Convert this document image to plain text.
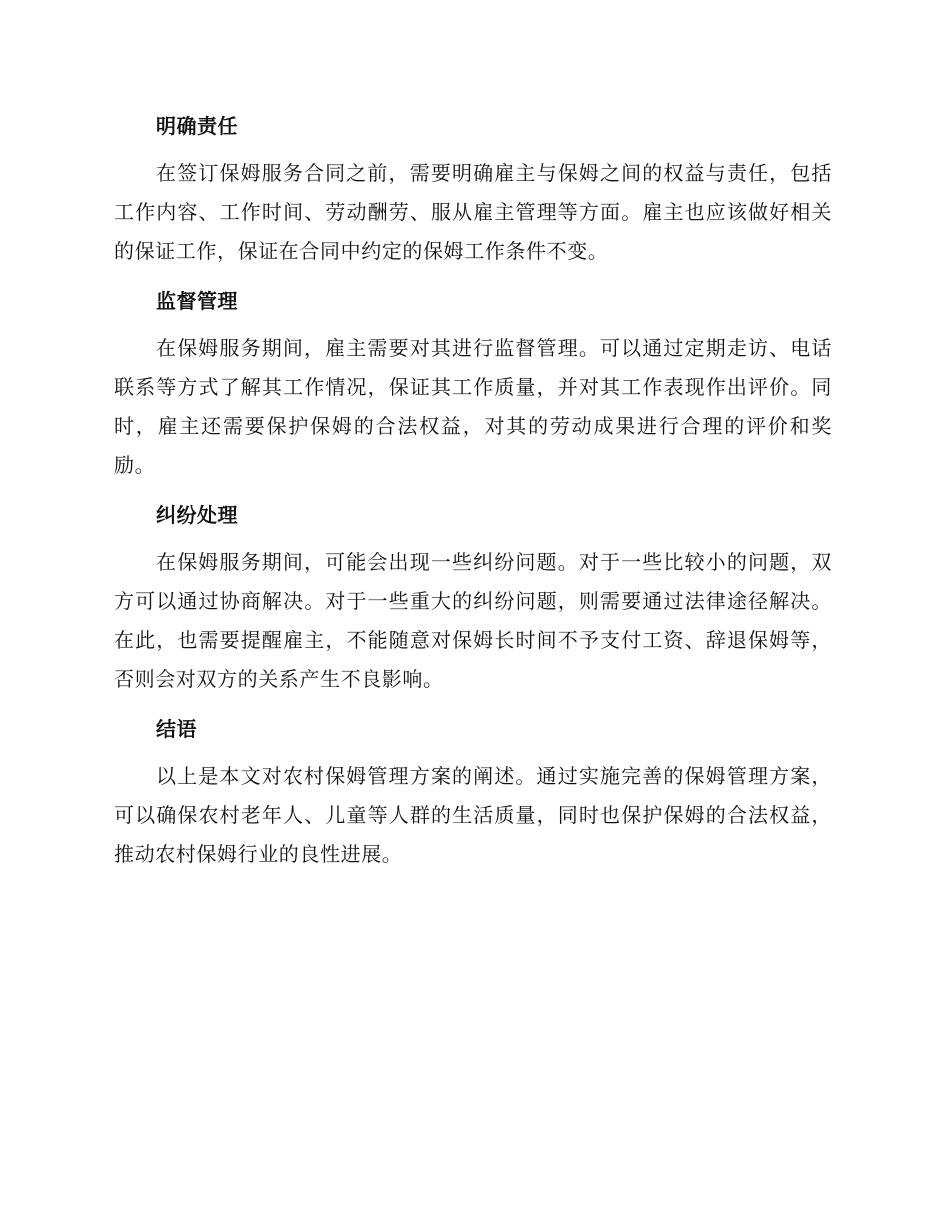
明确责任

在签订保姆服务合同之前，需要明确雇主与保姆之间的权益与责任，包括工作内容、工作时间、劳动酬劳、服从雇主管理等方面。雇主也应该做好相关的保证工作，保证在合同中约定的保姆工作条件不变。

监督管理

在保姆服务期间，雇主需要对其进行监督管理。可以通过定期走访、电话联系等方式了解其工作情况，保证其工作质量，并对其工作表现作出评价。同时，雇主还需要保护保姆的合法权益，对其的劳动成果进行合理的评价和奖励。

纠纷处理

在保姆服务期间，可能会出现一些纠纷问题。对于一些比较小的问题，双方可以通过协商解决。对于一些重大的纠纷问题，则需要通过法律途径解决。在此，也需要提醒雇主，不能随意对保姆长时间不予支付工资、辞退保姆等，否则会对双方的关系产生不良影响。

结语

以上是本文对农村保姆管理方案的阐述。通过实施完善的保姆管理方案，可以确保农村老年人、儿童等人群的生活质量，同时也保护保姆的合法权益，推动农村保姆行业的良性进展。
